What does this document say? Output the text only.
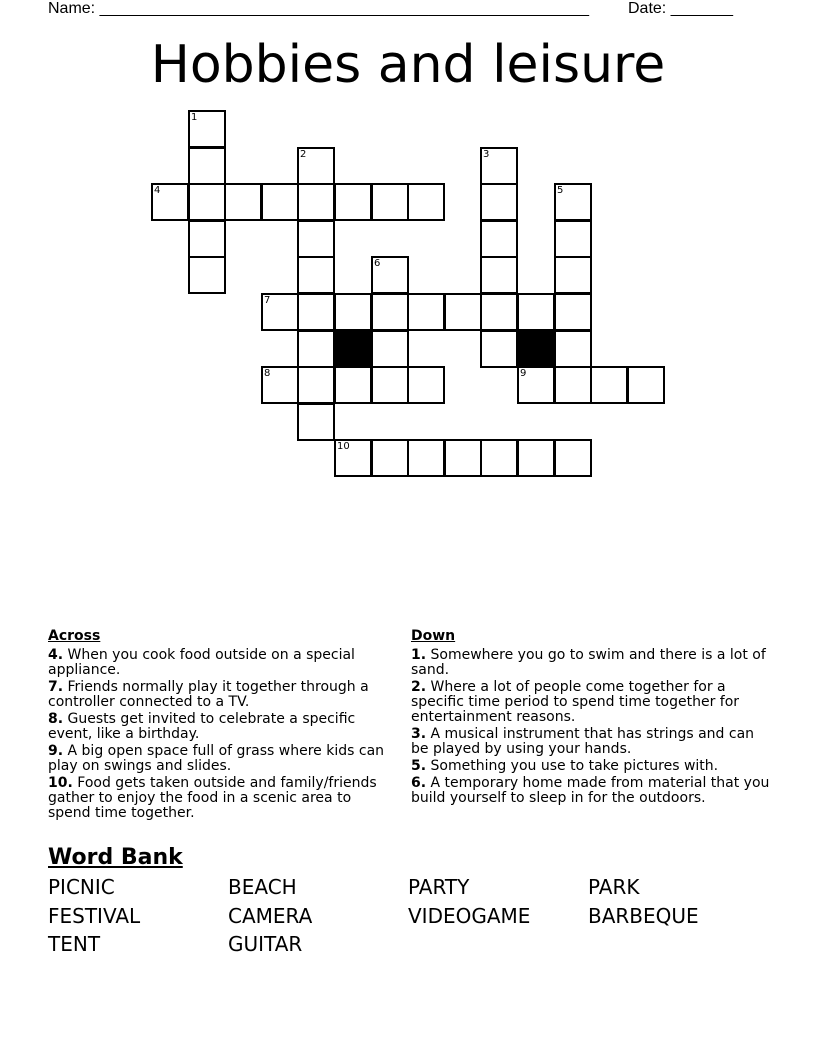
Name: _______________________________________________________ Date: _______
Hobbies and leisure
1
2	3
4	5
6
7
8	9
10
Across
4. When you cook food outside on a special appliance.
7. Friends normally play it together through a controller connected to a TV.
8. Guests get invited to celebrate a specific event, like a birthday.
9. A big open space full of grass where kids can play on swings and slides.
10. Food gets taken outside and family/friends gather to enjoy the food in a scenic area to spend time together.
Down
1. Somewhere you go to swim and there is a lot of sand.
2. Where a lot of people come together for a specific time period to spend time together for entertainment reasons.
3. A musical instrument that has strings and can be played by using your hands.
5. Something you use to take pictures with.
6. A temporary home made from material that you build yourself to sleep in for the outdoors.
Word Bank
PICNIC	BEACH	PARTY	PARK
FESTIVAL	CAMERA	VIDEOGAME	BARBEQUE
TENT	GUITAR
